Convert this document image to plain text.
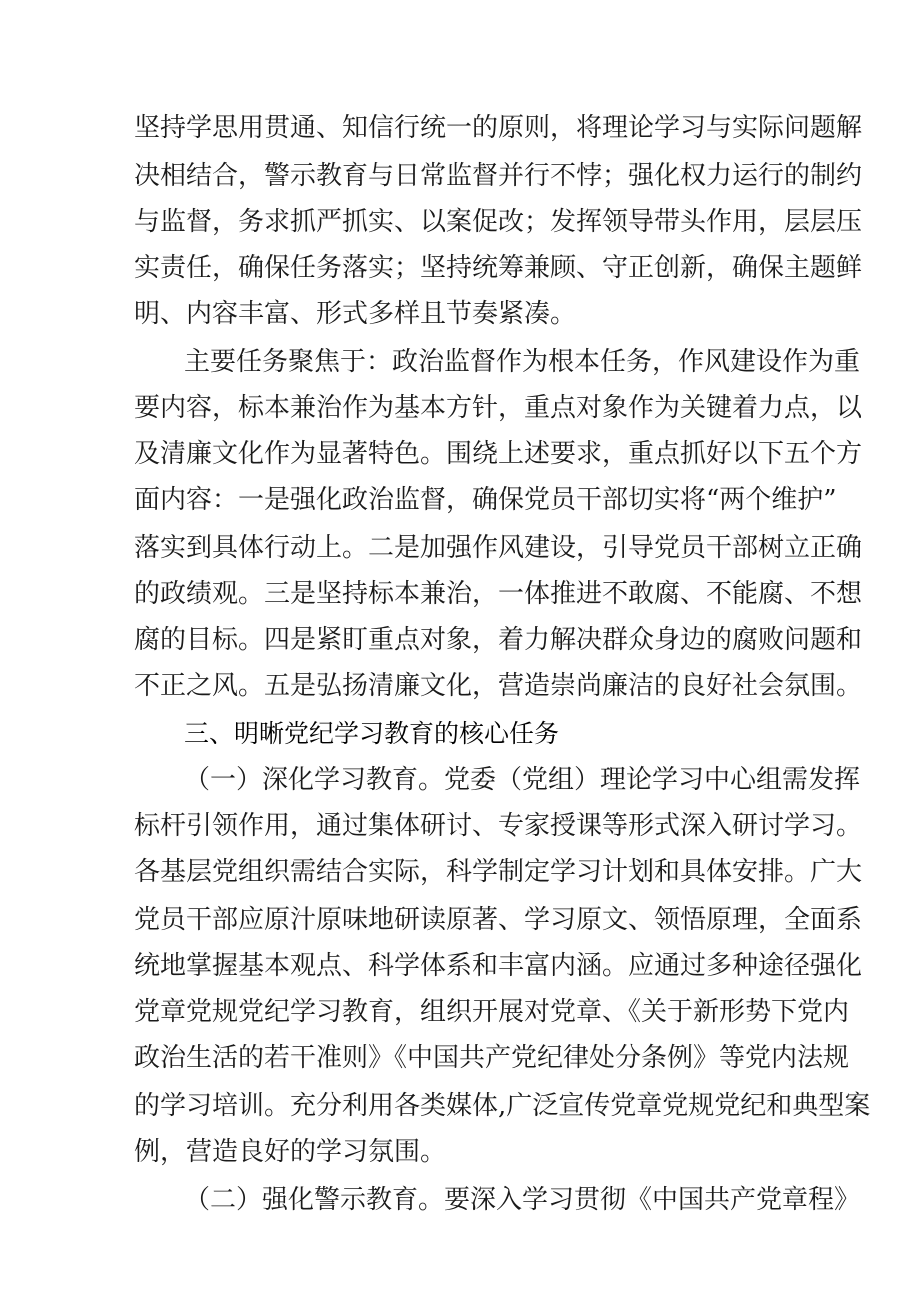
坚持学思用贯通、知信行统一的原则，将理论学习与实际问题解
决相结合，警示教育与日常监督并行不悖；强化权力运行的制约
与监督，务求抓严抓实、以案促改；发挥领导带头作用，层层压
实责任，确保任务落实；坚持统筹兼顾、守正创新，确保主题鲜
明、内容丰富、形式多样且节奏紧凑。
主要任务聚焦于：政治监督作为根本任务，作风建设作为重
要内容，标本兼治作为基本方针，重点对象作为关键着力点，以
及清廉文化作为显著特色。围绕上述要求，重点抓好以下五个方
面内容：一是强化政治监督，确保党员干部切实将“两个维护”
落实到具体行动上。二是加强作风建设，引导党员干部树立正确
的政绩观。三是坚持标本兼治，一体推进不敢腐、不能腐、不想
腐的目标。四是紧盯重点对象，着力解决群众身边的腐败问题和
不正之风。五是弘扬清廉文化，营造崇尚廉洁的良好社会氛围。
三、明晰党纪学习教育的核心任务
（一）深化学习教育。党委（党组）理论学习中心组需发挥
标杆引领作用，通过集体研讨、专家授课等形式深入研讨学习。
各基层党组织需结合实际，科学制定学习计划和具体安排。广大
党员干部应原汁原味地研读原著、学习原文、领悟原理，全面系
统地掌握基本观点、科学体系和丰富内涵。应通过多种途径强化
党章党规党纪学习教育，组织开展对党章、《关于新形势下党内
政治生活的若干准则》《中国共产党纪律处分条例》等党内法规
的学习培训。充分利用各类媒体,广泛宣传党章党规党纪和典型案
例，营造良好的学习氛围。
（二）强化警示教育。要深入学习贯彻《中国共产党章程》
